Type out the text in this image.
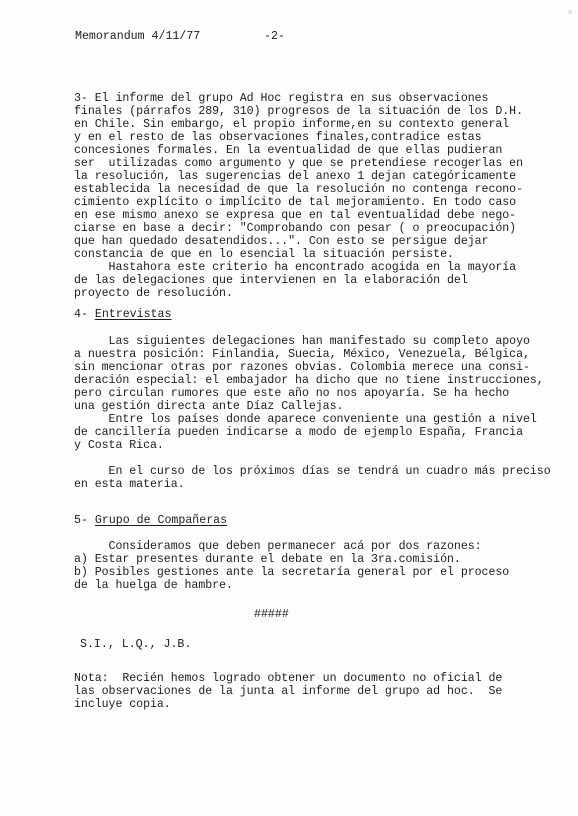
Memorandum 4/11/77	-2-
3- El informe del grupo Ad Hoc registra en sus observaciones
finales (párrafos 289, 310) progresos de la situación de los D.H.
en Chile. Sin embargo, el propio informe,en su contexto general
y en el resto de las observaciones finales,contradice estas
concesiones formales. En la eventualidad de que ellas pudieran
ser  utilizadas como argumento y que se pretendiese recogerlas en
la resolución, las sugerencias del anexo 1 dejan categóricamente
establecida la necesidad de que la resolución no contenga recono-
cimiento explícito o implícito de tal mejoramiento. En todo caso
en ese mismo anexo se expresa que en tal eventualidad debe nego-
ciarse en base a decir: "Comprobando con pesar ( o preocupación)
que han quedado desatendidos...". Con esto se persigue dejar
constancia de que en lo esencial la situación persiste.
Hastahora este criterio ha encontrado acogida en la mayoría
de las delegaciones que intervienen en la elaboración del
proyecto de resolución.
4- Entrevistas
Las siguientes delegaciones han manifestado su completo apoyo
a nuestra posición: Finlandia, Suecia, México, Venezuela, Bélgica,
sin mencionar otras por razones obvias. Colombia merece una consi-
deración especial: el embajador ha dicho que no tiene instrucciones,
pero circulan rumores que este año no nos apoyaría. Se ha hecho
una gestión directa ante Díaz Callejas.
Entre los países donde aparece conveniente una gestión a nivel
de cancillería pueden indicarse a modo de ejemplo España, Francia
y Costa Rica.
En el curso de los próximos días se tendrá un cuadro más preciso
en esta materia.
5- Grupo de Compañeras
Consideramos que deben permanecer acá por dos razones:
a) Estar presentes durante el debate en la 3ra.comisión.
b) Posibles gestiones ante la secretaría general por el proceso
de la huelga de hambre.
#####
S.I., L.Q., J.B.
Nota:  Recién hemos logrado obtener un documento no oficial de
las observaciones de la junta al informe del grupo ad hoc.  Se
incluye copia.
